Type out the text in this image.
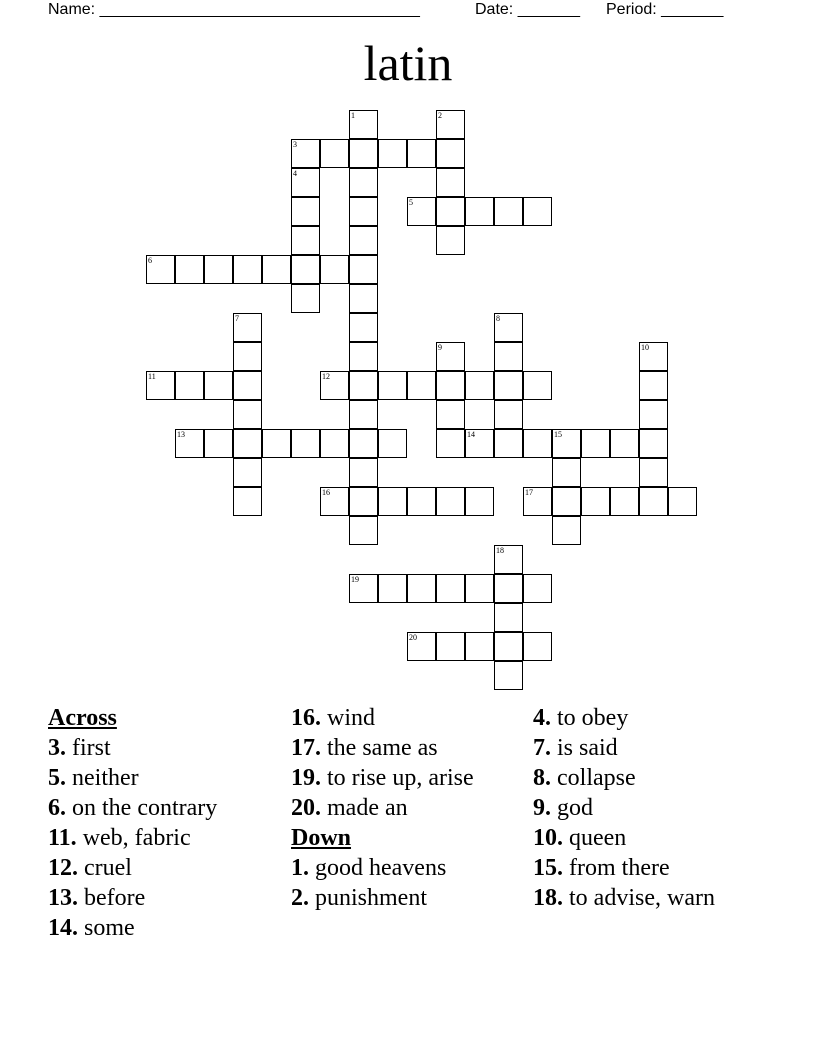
Name: ____________________________________	Date: _______ Period: _______
latin
3
5
6
11	12
13	14	15
16	17
19
20
1	2
4
7	8
9	10
18
Across
3. first
5. neither
6. on the contrary
11. web, fabric
12. cruel
13. before
14. some
16. wind
17. the same as
19. to rise up, arise
20. made an
Down
1. good heavens
2. punishment
4. to obey
7. is said
8. collapse
9. god
10. queen
15. from there
18. to advise, warn
